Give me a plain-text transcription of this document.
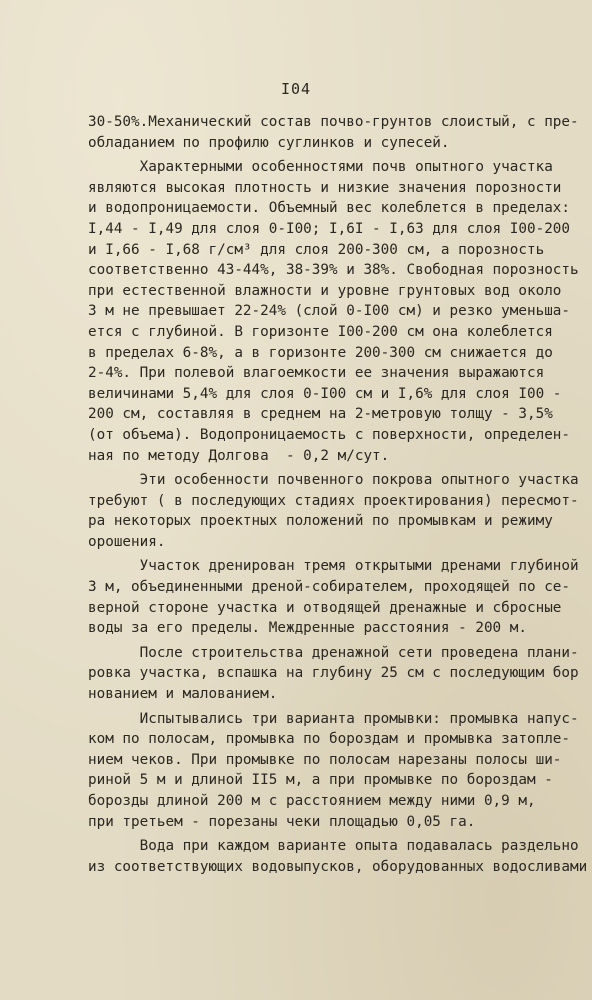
I04
30-50%.Механический состав почво-грунтов слоистый, с пре-
обладанием по профилю суглинков и супесей.
Характерными особенностями почв опытного участка
являются высокая плотность и низкие значения порозности
и водопроницаемости. Объемный вес колеблется в пределах:
I,44 - I,49 для слоя 0-I00; I,6I - I,63 для слоя I00-200
и I,66 - I,68 г/см³ для слоя 200-300 см, а порозность
соответственно 43-44%, 38-39% и 38%. Свободная порозность
при естественной влажности и уровне грунтовых вод около
3 м не превышает 22-24% (слой 0-I00 см) и резко уменьша-
ется с глубиной. В горизонте I00-200 см она колеблется
в пределах 6-8%, а в горизонте 200-300 см снижается до
2-4%. При полевой влагоемкости ее значения выражаются
величинами 5,4% для слоя 0-I00 см и I,6% для слоя I00 -
200 см, составляя в среднем на 2-метровую толщу - 3,5%
(от объема). Водопроницаемость с поверхности, определен-
ная по методу Долгова  - 0,2 м/сут.
Эти особенности почвенного покрова опытного участка
требуют ( в последующих стадиях проектирования) пересмот-
ра некоторых проектных положений по промывкам и режиму
орошения.
Участок дренирован тремя открытыми дренами глубиной
3 м, объединенными дреной-собирателем, проходящей по се-
верной стороне участка и отводящей дренажные и сбросные
воды за его пределы. Междренные расстояния - 200 м.
После строительства дренажной сети проведена плани-
ровка участка, вспашка на глубину 25 см с последующим бор
нованием и малованием.
Испытывались три варианта промывки: промывка напус-
ком по полосам, промывка по бороздам и промывка затопле-
нием чеков. При промывке по полосам нарезаны полосы ши-
риной 5 м и длиной II5 м, а при промывке по бороздам -
борозды длиной 200 м с расстоянием между ними 0,9 м,
при третьем - порезаны чеки площадью 0,05 га.
Вода при каждом варианте опыта подавалась раздельно
из соответствующих водовыпусков, оборудованных водосливами
